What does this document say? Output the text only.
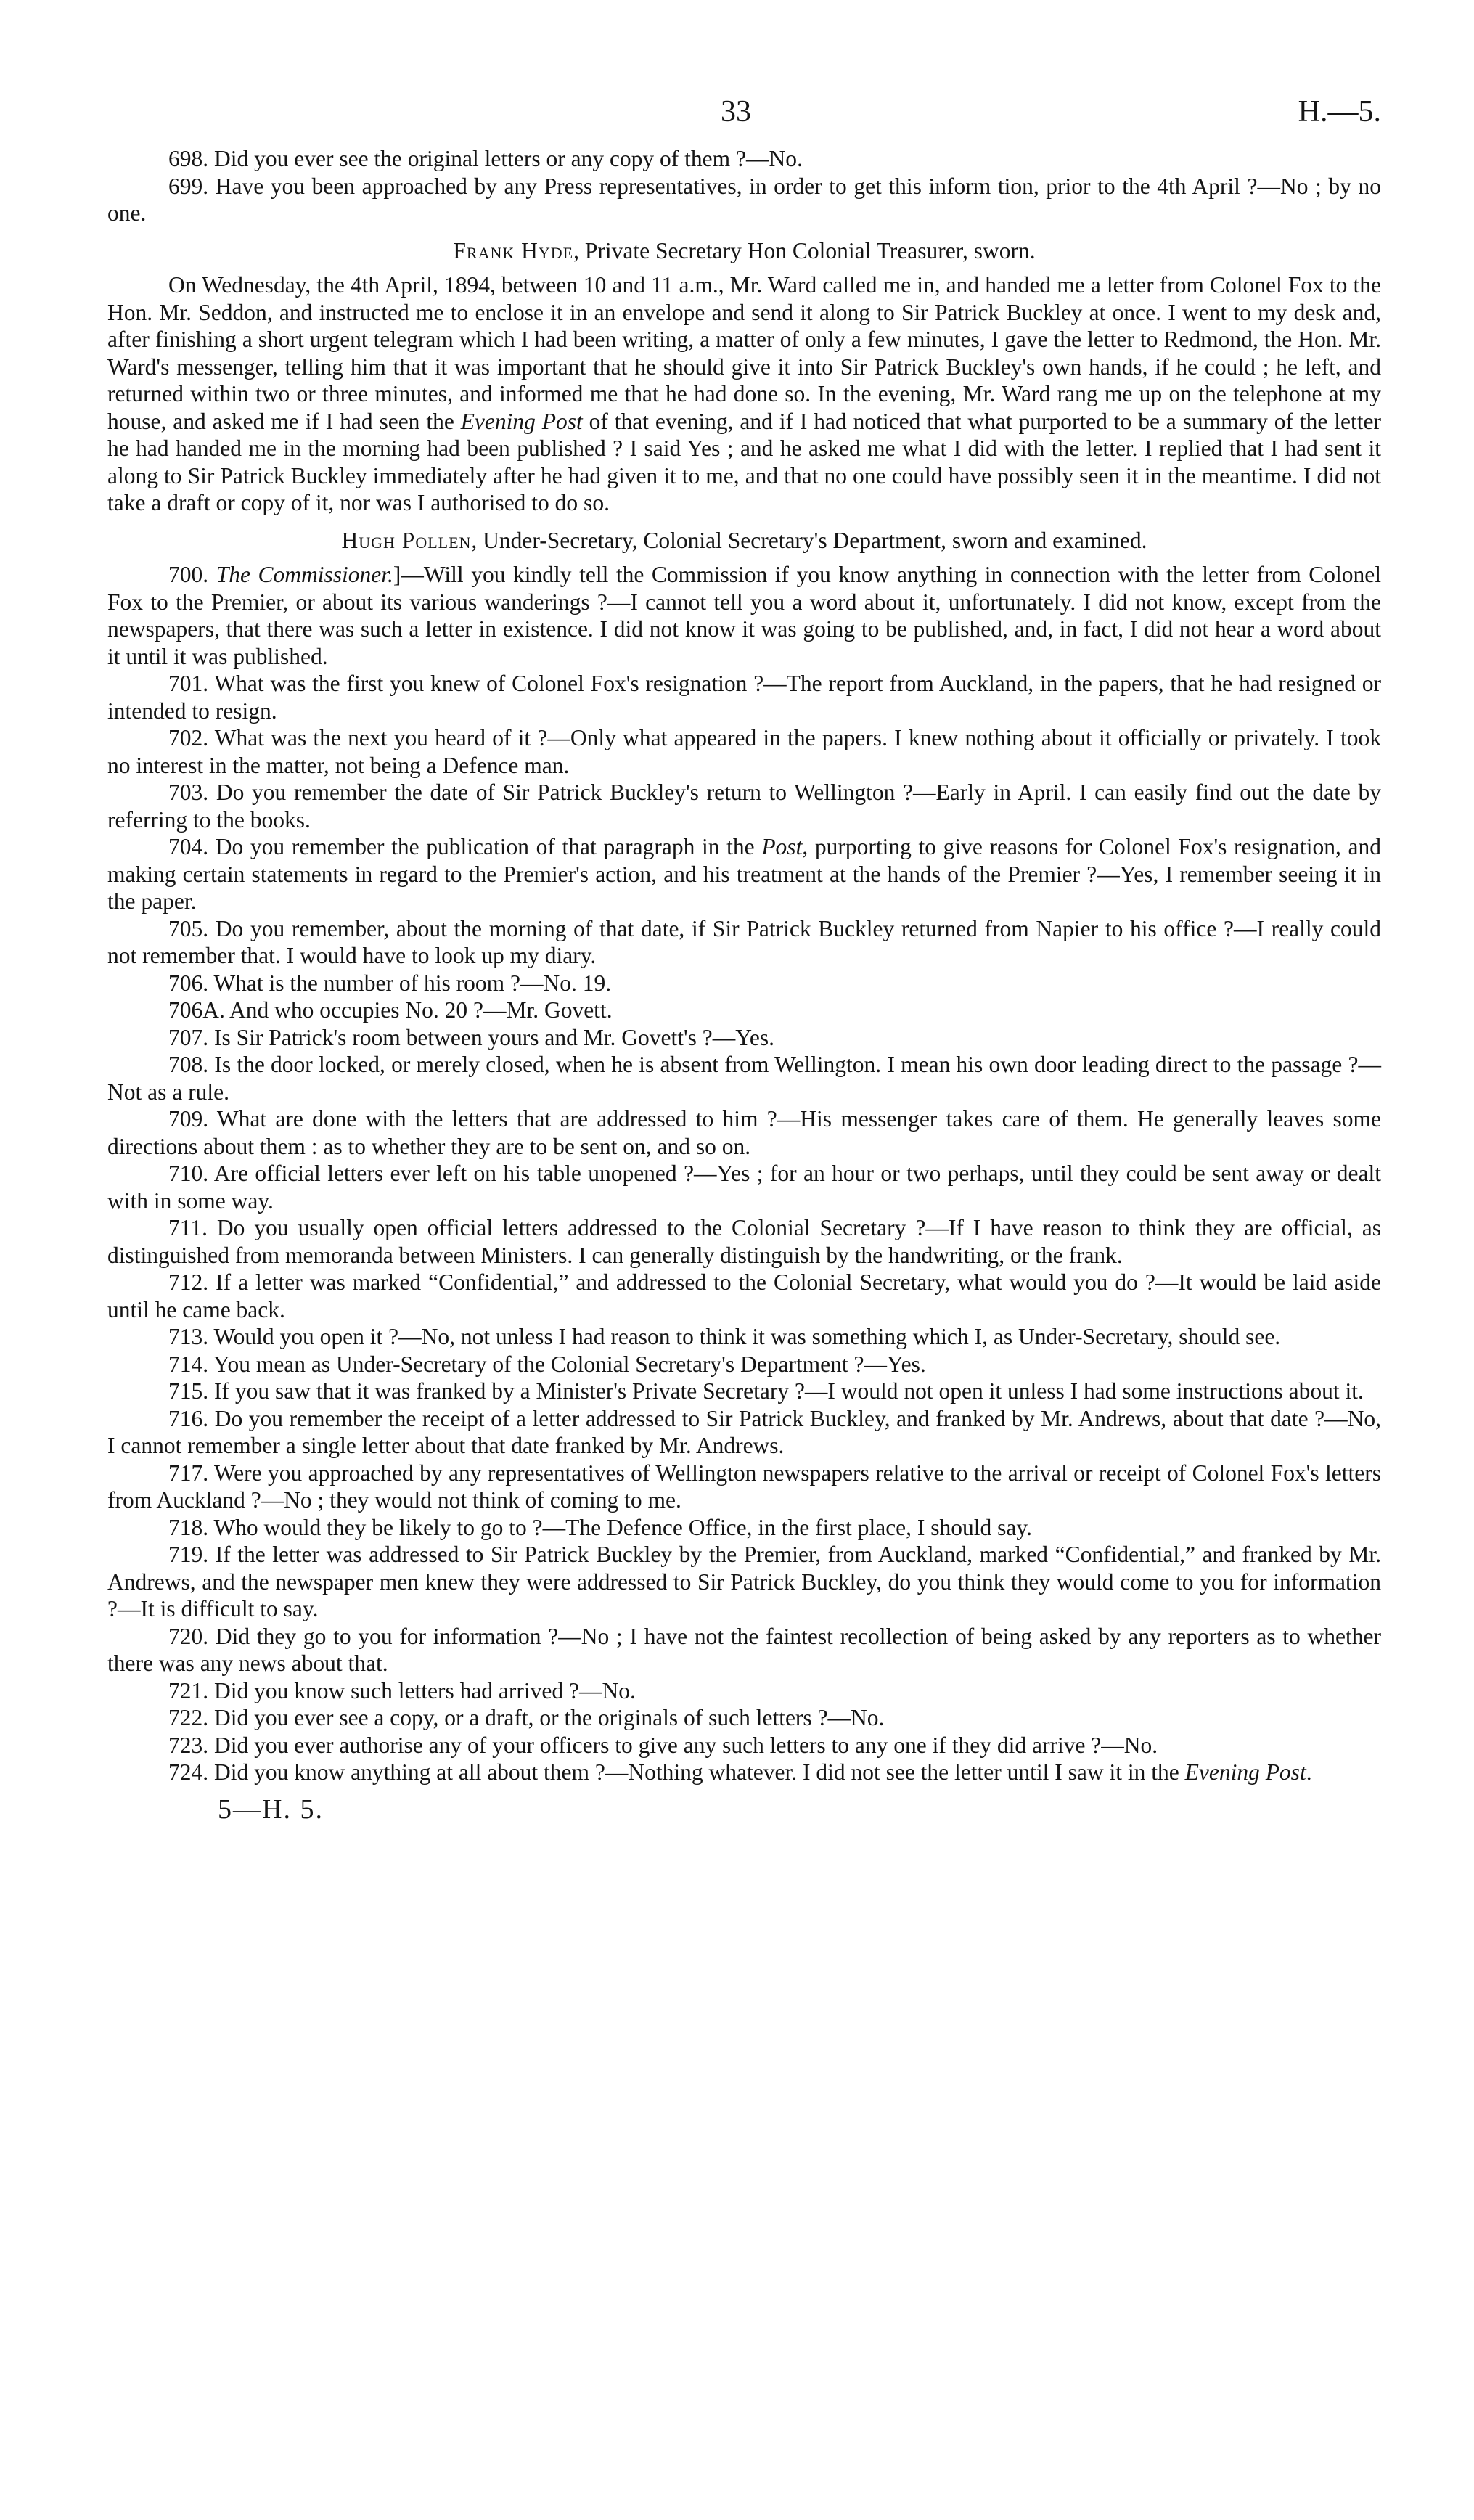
33	H.—5.

698. Did you ever see the original letters or any copy of them ?—No.

699. Have you been approached by any Press representatives, in order to get this inform tion, prior to the 4th April ?—No ; by no one.

Frank Hyde, Private Secretary Hon Colonial Treasurer, sworn.

On Wednesday, the 4th April, 1894, between 10 and 11 a.m., Mr. Ward called me in, and handed me a letter from Colonel Fox to the Hon. Mr. Seddon, and instructed me to enclose it in an envelope and send it along to Sir Patrick Buckley at once. I went to my desk and, after finishing a short urgent telegram which I had been writing, a matter of only a few minutes, I gave the letter to Redmond, the Hon. Mr. Ward's messenger, telling him that it was important that he should give it into Sir Patrick Buckley's own hands, if he could ; he left, and returned within two or three minutes, and informed me that he had done so. In the evening, Mr. Ward rang me up on the telephone at my house, and asked me if I had seen the Evening Post of that evening, and if I had noticed that what purported to be a summary of the letter he had handed me in the morning had been published ? I said Yes ; and he asked me what I did with the letter. I replied that I had sent it along to Sir Patrick Buckley immediately after he had given it to me, and that no one could have possibly seen it in the meantime. I did not take a draft or copy of it, nor was I authorised to do so.

Hugh Pollen, Under-Secretary, Colonial Secretary's Department, sworn and examined.

700. The Commissioner.]—Will you kindly tell the Commission if you know anything in connection with the letter from Colonel Fox to the Premier, or about its various wanderings ?—I cannot tell you a word about it, unfortunately. I did not know, except from the newspapers, that there was such a letter in existence. I did not know it was going to be published, and, in fact, I did not hear a word about it until it was published.

701. What was the first you knew of Colonel Fox's resignation ?—The report from Auckland, in the papers, that he had resigned or intended to resign.

702. What was the next you heard of it ?—Only what appeared in the papers. I knew nothing about it officially or privately. I took no interest in the matter, not being a Defence man.

703. Do you remember the date of Sir Patrick Buckley's return to Wellington ?—Early in April. I can easily find out the date by referring to the books.

704. Do you remember the publication of that paragraph in the Post, purporting to give reasons for Colonel Fox's resignation, and making certain statements in regard to the Premier's action, and his treatment at the hands of the Premier ?—Yes, I remember seeing it in the paper.

705. Do you remember, about the morning of that date, if Sir Patrick Buckley returned from Napier to his office ?—I really could not remember that. I would have to look up my diary.

706. What is the number of his room ?—No. 19.

706A. And who occupies No. 20 ?—Mr. Govett.

707. Is Sir Patrick's room between yours and Mr. Govett's ?—Yes.

708. Is the door locked, or merely closed, when he is absent from Wellington. I mean his own door leading direct to the passage ?—Not as a rule.

709. What are done with the letters that are addressed to him ?—His messenger takes care of them. He generally leaves some directions about them : as to whether they are to be sent on, and so on.

710. Are official letters ever left on his table unopened ?—Yes ; for an hour or two perhaps, until they could be sent away or dealt with in some way.

711. Do you usually open official letters addressed to the Colonial Secretary ?—If I have reason to think they are official, as distinguished from memoranda between Ministers. I can generally distinguish by the handwriting, or the frank.

712. If a letter was marked “Confidential,” and addressed to the Colonial Secretary, what would you do ?—It would be laid aside until he came back.

713. Would you open it ?—No, not unless I had reason to think it was something which I, as Under-Secretary, should see.

714. You mean as Under-Secretary of the Colonial Secretary's Department ?—Yes.

715. If you saw that it was franked by a Minister's Private Secretary ?—I would not open it unless I had some instructions about it.

716. Do you remember the receipt of a letter addressed to Sir Patrick Buckley, and franked by Mr. Andrews, about that date ?—No, I cannot remember a single letter about that date franked by Mr. Andrews.

717. Were you approached by any representatives of Wellington newspapers relative to the arrival or receipt of Colonel Fox's letters from Auckland ?—No ; they would not think of coming to me.

718. Who would they be likely to go to ?—The Defence Office, in the first place, I should say.

719. If the letter was addressed to Sir Patrick Buckley by the Premier, from Auckland, marked “Confidential,” and franked by Mr. Andrews, and the newspaper men knew they were addressed to Sir Patrick Buckley, do you think they would come to you for information ?—It is difficult to say.

720. Did they go to you for information ?—No ; I have not the faintest recollection of being asked by any reporters as to whether there was any news about that.

721. Did you know such letters had arrived ?—No.

722. Did you ever see a copy, or a draft, or the originals of such letters ?—No.

723. Did you ever authorise any of your officers to give any such letters to any one if they did arrive ?—No.

724. Did you know anything at all about them ?—Nothing whatever. I did not see the letter until I saw it in the Evening Post.

5—H. 5.
